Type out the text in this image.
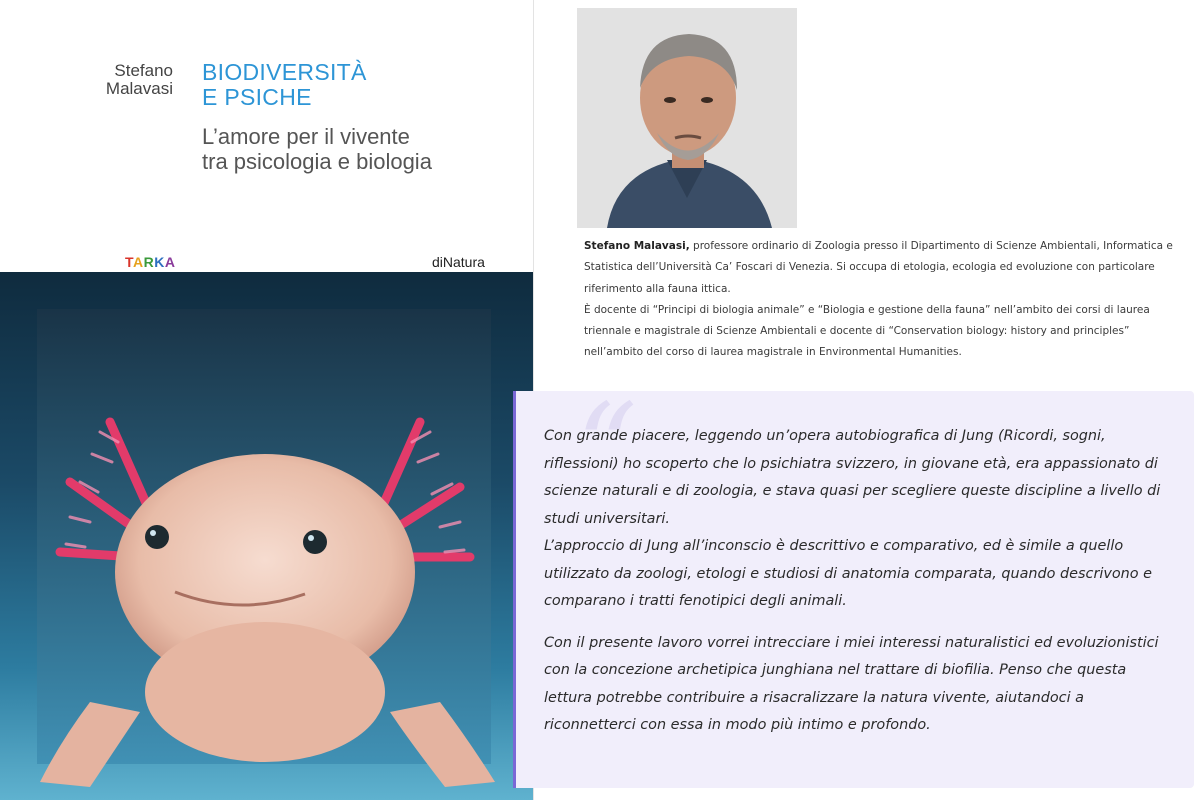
Stefano
Malavasi
BIODIVERSITÀ
E PSICHE
L’amore per il vivente
tra psicologia e biologia
TARKA	diNatura

Stefano Malavasi, professore ordinario di Zoologia presso il Dipartimento di Scienze Ambientali, Informatica e Statistica dell’Università Ca’ Foscari di Venezia. Si occupa di etologia, ecologia ed evoluzione con particolare riferimento alla fauna ittica.

È docente di “Principi di biologia animale” e “Biologia e gestione della fauna” nell’ambito dei corsi di laurea triennale e magistrale di Scienze Ambientali e docente di “Conservation biology: history and principles” nell’ambito del corso di laurea magistrale in Environmental Humanities.

“

Con grande piacere, leggendo un’opera autobiografica di Jung (Ricordi, sogni, riflessioni) ho scoperto che lo psichiatra svizzero, in giovane età, era appassionato di scienze naturali e di zoologia, e stava quasi per scegliere queste discipline a livello di studi universitari.

L’approccio di Jung all’inconscio è descrittivo e comparativo, ed è simile a quello utilizzato da zoologi, etologi e studiosi di anatomia comparata, quando descrivono e comparano i tratti fenotipici degli animali.

Con il presente lavoro vorrei intrecciare i miei interessi naturalistici ed evoluzionistici con la concezione archetipica junghiana nel trattare di biofilia. Penso che questa lettura potrebbe contribuire a risacralizzare la natura vivente, aiutandoci a riconnetterci con essa in modo più intimo e profondo.
